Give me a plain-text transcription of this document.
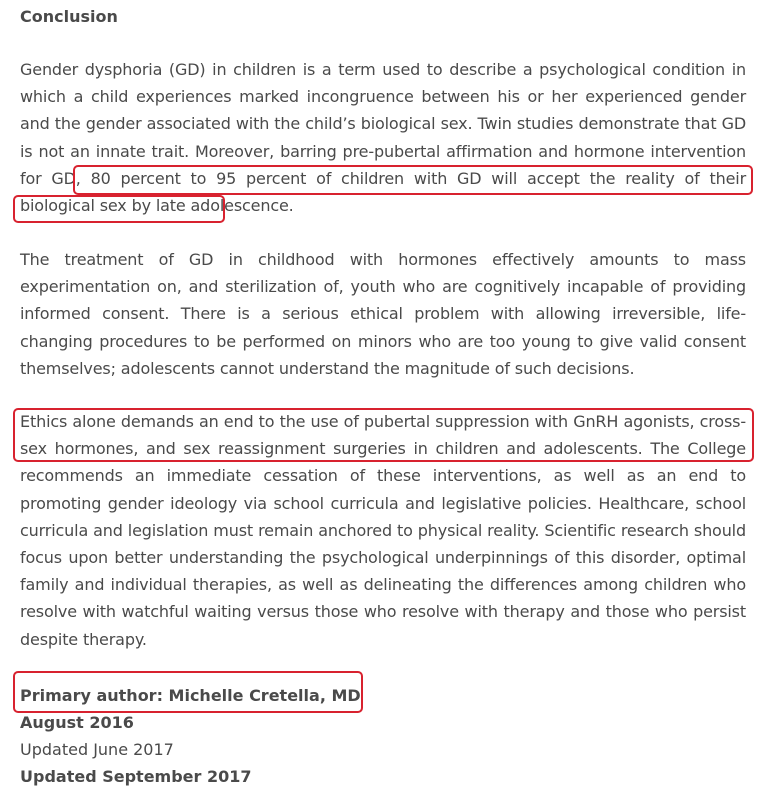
Conclusion

Gender dysphoria (GD) in children is a term used to describe a psychological condition in which a child experiences marked incongruence between his or her experienced gender and the gender associated with the child’s biological sex. Twin studies demonstrate that GD is not an innate trait. Moreover, barring pre-pubertal affirmation and hormone intervention for GD, 80 percent to 95 percent of children with GD will accept the reality of their biological sex by late adolescence.

The treatment of GD in childhood with hormones effectively amounts to mass experimentation on, and sterilization of, youth who are cognitively incapable of providing informed consent. There is a serious ethical problem with allowing irreversible, life-changing procedures to be performed on minors who are too young to give valid consent themselves; adolescents cannot understand the magnitude of such decisions.

Ethics alone demands an end to the use of pubertal suppression with GnRH agonists, cross-sex hormones, and sex reassignment surgeries in children and adolescents. The College recommends an immediate cessation of these interventions, as well as an end to promoting gender ideology via school curricula and legislative policies. Healthcare, school curricula and legislation must remain anchored to physical reality. Scientific research should focus upon better understanding the psychological underpinnings of this disorder, optimal family and individual therapies, as well as delineating the differences among children who resolve with watchful waiting versus those who resolve with therapy and those who persist despite therapy.

Primary author: Michelle Cretella, MD
August 2016
Updated June 2017
Updated September 2017
